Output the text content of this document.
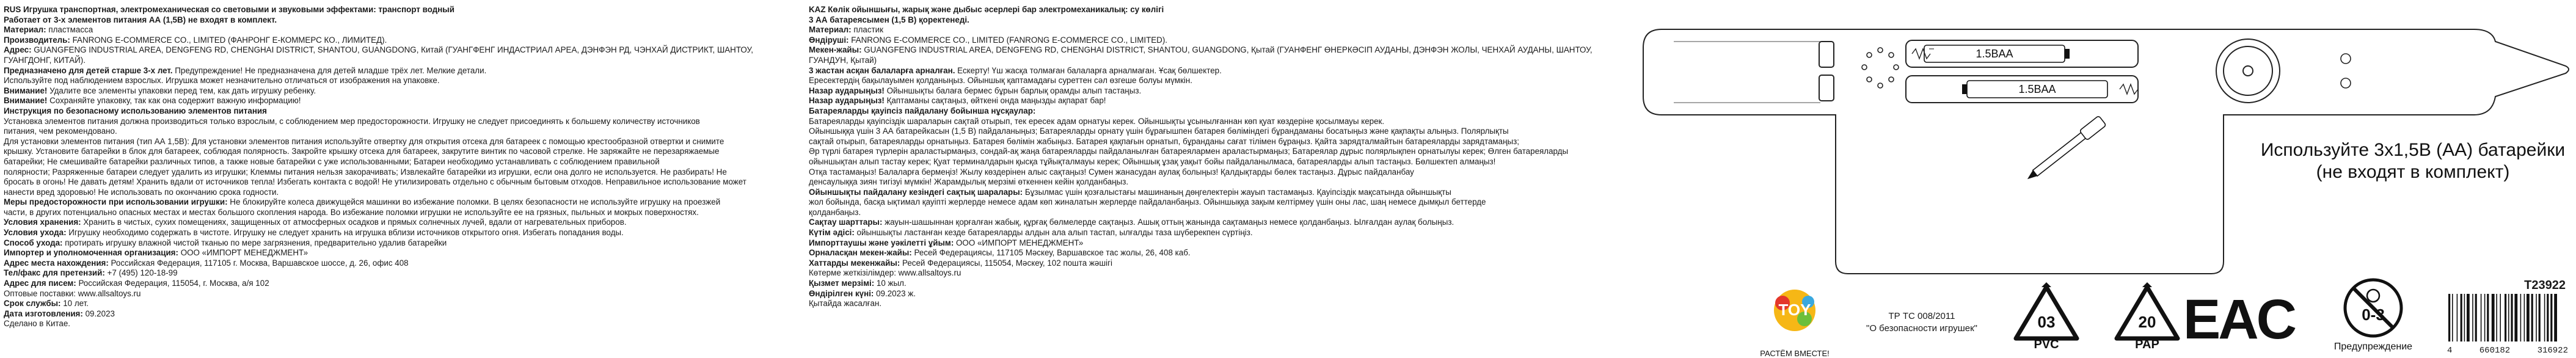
RUS Игрушка транспортная, электромеханическая со световыми и звуковыми эффектами: транспорт водный

Работает от 3-х элементов питания АА (1,5В) не входят в комплект.

Материал: пластмасса

Производитель: FANRONG E-COMMERCE CO., LIMITED (ФАНРОНГ Е-КОММЕРС КО., ЛИМИТЕД).

Адрес: GUANGFENG INDUSTRIAL AREA, DENGFENG RD, CHENGHAI DISTRICT, SHANTOU, GUANGDONG, Китай (ГУАНГФЕНГ ИНДАСТРИАЛ АРЕА, ДЭНФЭН РД, ЧЭНХАЙ ДИСТРИКТ, ШАНТОУ,

ГУАНГДОНГ, КИТАЙ).

Предназначено для детей старше 3-х лет. Предупреждение! Не предназначена для детей младше трёх лет. Мелкие детали.

Используйте под наблюдением взрослых. Игрушка может незначительно отличаться от изображения на упаковке.

Внимание! Удалите все элементы упаковки перед тем, как дать игрушку ребенку.

Внимание! Сохраняйте упаковку, так как она содержит важную информацию!

Инструкция по безопасному использованию элементов питания

Установка элементов питания должна производиться только взрослым, с соблюдением мер предосторожности. Игрушку не следует присоединять к большему количеству источников

питания, чем рекомендовано.

Для установки элементов питания (тип АА 1,5В): Для установки элементов питания используйте отвертку для открытия отсека для батареек с помощью крестообразной отвертки и снимите

крышку. Установите батарейки в блок для батареек, соблюдая полярность. Закройте крышку отсека для батареек, закрутите винтик по часовой стрелке. Не заряжайте не перезаряжаемые

батарейки; Не смешивайте батарейки различных типов, а также новые батарейки с уже использованными; Батареи необходимо устанавливать с соблюдением правильной

полярности; Разряженные батареи следует удалить из игрушки; Клеммы питания нельзя закорачивать; Извлекайте батарейки из игрушки, если она долго не используется. Не разбирать! Не

бросать в огонь! Не давать детям! Хранить вдали от источников тепла! Избегать контакта с водой! Не утилизировать отдельно с обычным бытовым отходов. Неправильное использование может

нанести вред здоровью! Не использовать по окончанию срока годности.

Меры предосторожности при использовании игрушки: Не блокируйте колеса движущейся машинки во избежание поломки. В целях безопасности не используйте игрушку на проезжей

части, в других потенциально опасных местах и местах большого скопления народа. Во избежание поломки игрушки не используйте ее на грязных, пыльных и мокрых поверхностях.

Условия хранения: Хранить в чистых, сухих помещениях, защищенных от атмосферных осадков и прямых солнечных лучей, вдали от нагревательных приборов.

Условия ухода: Игрушку необходимо содержать в чистоте. Игрушку не следует хранить на игрушка вблизи источников открытого огня. Избегать попадания воды.

Способ ухода: протирать игрушку влажной чистой тканью по мере загрязнения, предварительно удалив батарейки

Импортер и уполномоченная организация: ООО «ИМПОРТ МЕНЕДЖМЕНТ»

Адрес места нахождения: Российская Федерация, 117105 г. Москва, Варшавское шоссе, д. 26, офис 408

Тел/факс для претензий: +7 (495) 120-18-99

Адрес для писем: Российская Федерация, 115054, г. Москва, а/я 102

Оптовые поставки: www.allsaltoys.ru

Срок службы: 10 лет.

Дата изготовления: 09.2023

Сделано в Китае.

KAZ Көлік ойыншығы, жарық және дыбыс әсерлері бар электромеханикалық: су көлігі

3 АА батареясымен (1,5 В) қоректенеді.

Материал: пластик

Өндіруші: FANRONG E-COMMERCE CO., LIMITED (FANRONG E-COMMERCE CO., LIMITED).

Мекен-жайы: GUANGFENG INDUSTRIAL AREA, DENGFENG RD, CHENGHAI DISTRICT, SHANTOU, GUANGDONG, Қытай (ГУАНФЕНГ ӨНЕРКӘСІП АУДАНЫ, ДЭНФЭН ЖОЛЫ, ЧЕНХАЙ АУДАНЫ, ШАНТОУ, ГУАНДУН, Қытай)

3 жастан асқан балаларға арналған. Ескерту! Үш жасқа толмаған балаларға арналмаған. Ұсақ бөлшектер.

Ересектердің бақылауымен қолданыңыз. Ойыншық қаптамадағы суреттен сәл өзгеше болуы мүмкін.

Назар аударыңыз! Ойыншықты балаға бермес бұрын барлық орамды алып тастаңыз.

Назар аударыңыз! Қаптаманы сақтаңыз, өйткені онда маңызды ақпарат бар!

Батареяларды қауіпсіз пайдалану бойынша нұсқаулар:

Батареяларды қауіпсіздік шараларын сақтай отырып, тек ересек адам орнатуы керек. Ойыншықты ұсынылғаннан көп қуат көздеріне қосылмауы керек.

Ойыншыққа үшін 3 АА батарейкасын (1,5 В) пайдаланыңыз; Батареяларды орнату үшін бұрағышпен батарея бөліміндегі бұрандаманы босатыңыз және қақпақты алыңыз. Полярлықты

сақтай отырып, батареяларды орнатыңыз. Батарея бөлімін жабыңыз. Батарея қақпағын орнатып, бұранданы сағат тілімен бұраңыз. Қайта зарядталмайтын батареяларды зарядтамаңыз;

Әр түрлі батарея түрлерін араластырмаңыз, сондай-ақ жаңа батареяларды пайдаланылған батареялармен араластырмаңыз; Батареялар дұрыс полярлықпен орнатылуы керек; Өлген батареяларды

ойыншықтан алып тастау керек; Қуат терминалдарын қысқа тұйықталмауы керек; Ойыншық ұзақ уақыт бойы пайдаланылмаса, батареяларды алып тастаңыз. Бөлшектеп алмаңыз!

Отқа тастамаңыз! Балаларға бермеңіз! Жылу көздерінен алыс сақтаңыз! Сумен жанасудан аулақ болыңыз! Қалдықтарды бөлек тастаңыз. Дұрыс пайдаланбау

денсаулыққа зиян тигізуі мүмкін! Жарамдылық мерзімі өткеннен кейін қолданбаңыз.

Ойыншықты пайдалану кезіндегі сақтық шаралары: Бұзылмас үшін қозғалыстағы машинаның дөңгелектерін жауып тастамаңыз. Қауіпсіздік мақсатында ойыншықты

жол бойында, басқа ықтимал қауіпті жерлерде немесе адам көп жиналатын жерлерде пайдаланбаңыз. Ойыншыққа зақым келтірмеу үшін оны лас, шаң немесе дымқыл беттерде

қолданбаңыз.

Сақтау шарттары: жауын-шашыннан қорғалған жабық, құрғақ бөлмелерде сақтаңыз. Ашық оттың жанында сақтамаңыз немесе қолданбаңыз. Ылғалдан аулақ болыңыз.

Күтім әдісі: ойыншықты ластанған кезде батареяларды алдын ала алып тастап, ылғалды таза шүберекпен сүртіңіз.

Импорттаушы және уәкілетті ұйым: ООО «ИМПОРТ МЕНЕДЖМЕНТ»

Орналасқан мекен-жайы: Ресей Федерациясы, 117105 Мәскеу, Варшавское тас жолы, 26, 408 каб.

Хаттарды мекенжайы: Ресей Федерациясы, 115054, Мәскеу, 102 пошта жәшігі

Көтерме жеткізілімдер: www.allsaltoys.ru

Қызмет мерзімі: 10 жыл.

Өндірілген күні: 09.2023 ж.

Қытайда жасалған.

1.5BAA
1.5BAA
Используйте 3х1,5В (АА) батарейки
(не входят в комплект)
TOY
РАСТЁМ ВМЕСТЕ!
ТР ТС 008/2011
"О безопасности игрушек"	03
PVC
20
PAP EAC	0-3
Предупреждение
T23922
4	660182	316922
